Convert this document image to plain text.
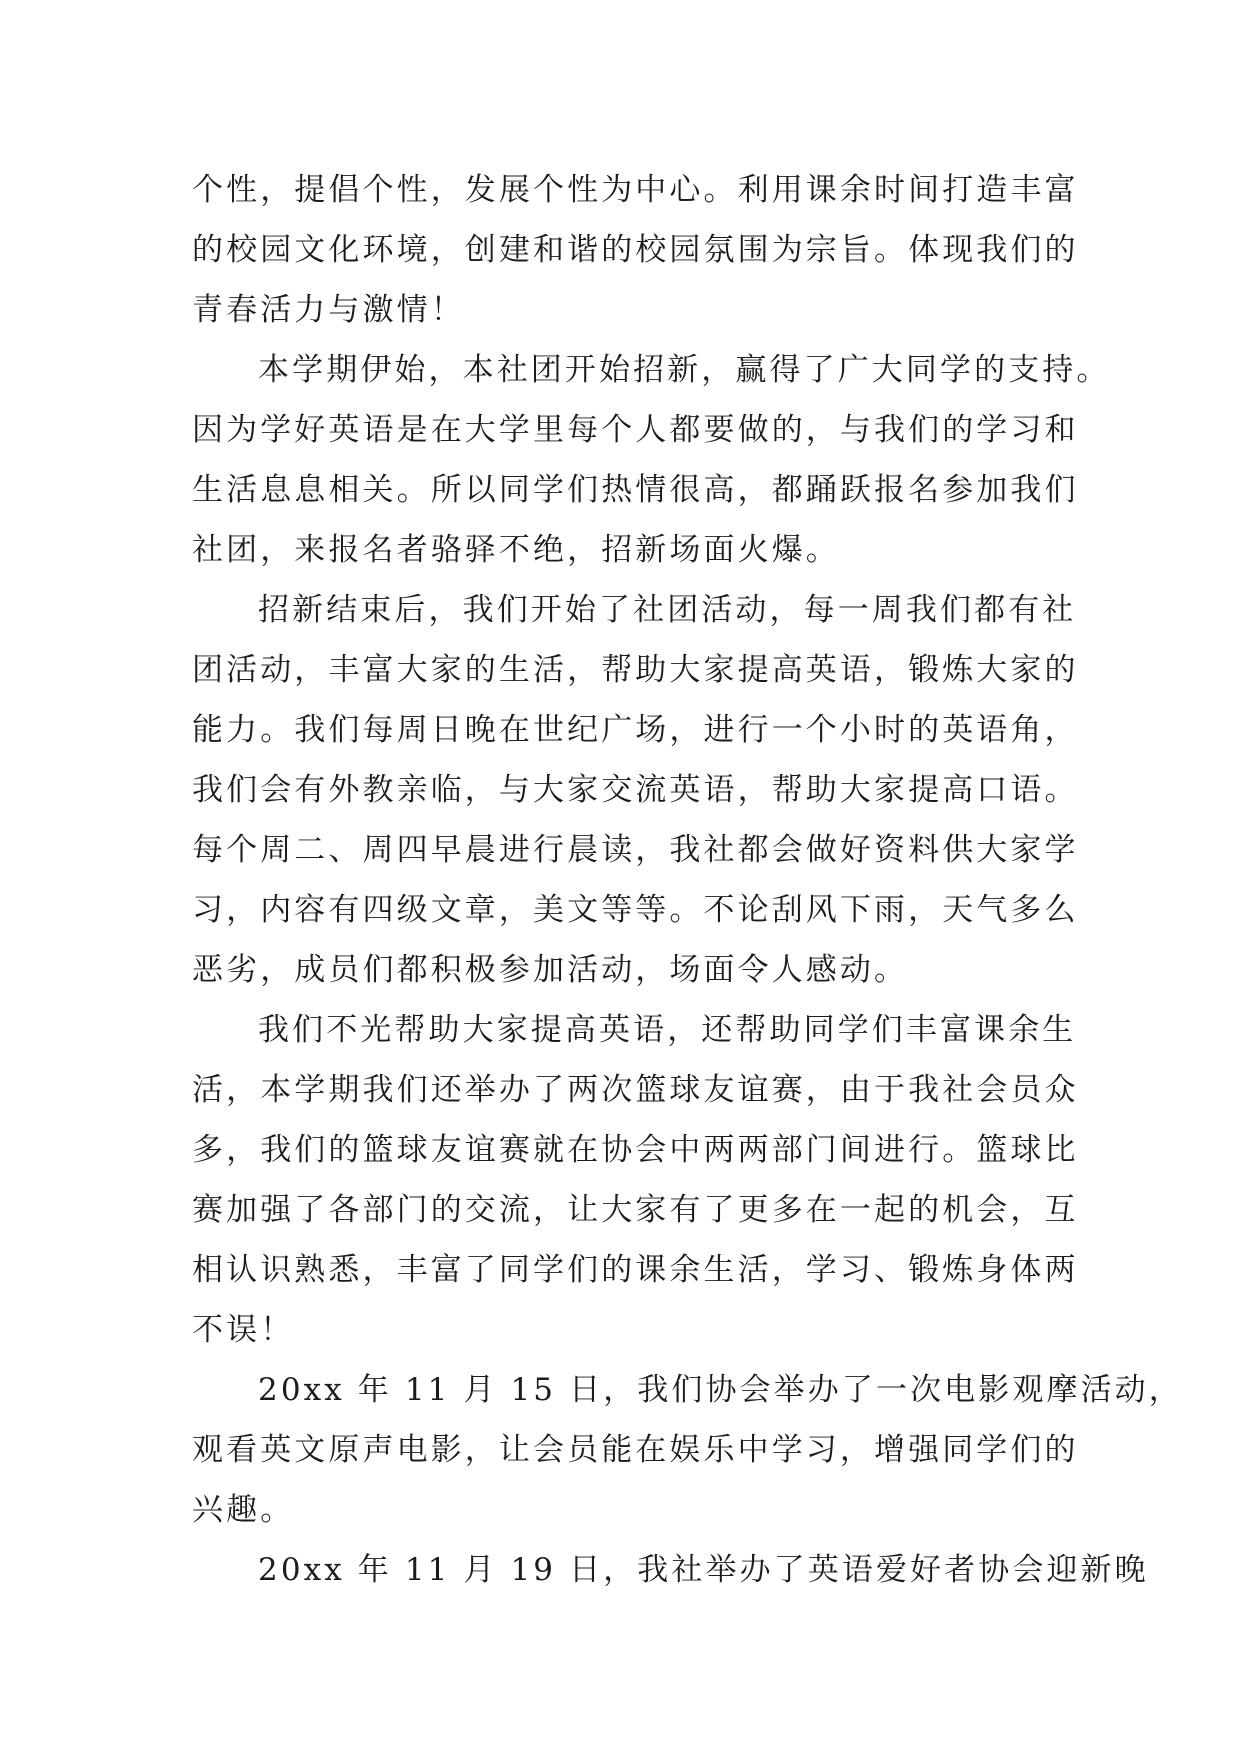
个性，提倡个性，发展个性为中心。利用课余时间打造丰富
的校园文化环境，创建和谐的校园氛围为宗旨。体现我们的
青春活力与激情！
本学期伊始，本社团开始招新，赢得了广大同学的支持。
因为学好英语是在大学里每个人都要做的，与我们的学习和
生活息息相关。所以同学们热情很高，都踊跃报名参加我们
社团，来报名者骆驿不绝，招新场面火爆。
招新结束后，我们开始了社团活动，每一周我们都有社
团活动，丰富大家的生活，帮助大家提高英语，锻炼大家的
能力。我们每周日晚在世纪广场，进行一个小时的英语角，
我们会有外教亲临，与大家交流英语，帮助大家提高口语。
每个周二、周四早晨进行晨读，我社都会做好资料供大家学
习，内容有四级文章，美文等等。不论刮风下雨，天气多么
恶劣，成员们都积极参加活动，场面令人感动。
我们不光帮助大家提高英语，还帮助同学们丰富课余生
活，本学期我们还举办了两次篮球友谊赛，由于我社会员众
多，我们的篮球友谊赛就在协会中两两部门间进行。篮球比
赛加强了各部门的交流，让大家有了更多在一起的机会，互
相认识熟悉，丰富了同学们的课余生活，学习、锻炼身体两
不误！
20xx 年 11 月 15 日，我们协会举办了一次电影观摩活动，
观看英文原声电影，让会员能在娱乐中学习，增强同学们的
兴趣。
20xx 年 11 月 19 日，我社举办了英语爱好者协会迎新晚
